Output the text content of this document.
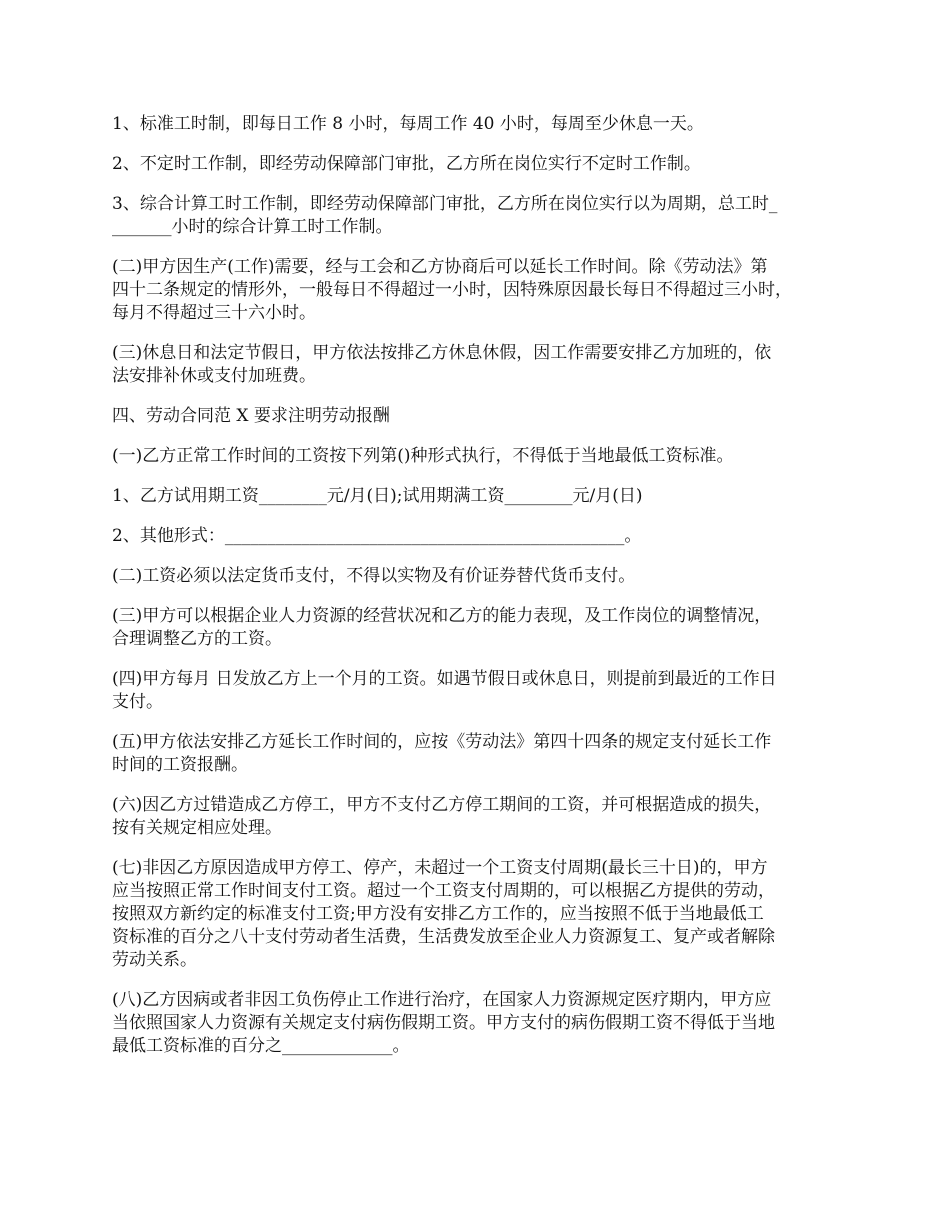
1、标准工时制，即每日工作 8 小时，每周工作 40 小时，每周至少休息一天。

2、不定时工作制，即经劳动保障部门审批，乙方所在岗位实行不定时工作制。

3、综合计算工时工作制，即经劳动保障部门审批，乙方所在岗位实行以为周期，总工时_
_______小时的综合计算工时工作制。

(二)甲方因生产(工作)需要，经与工会和乙方协商后可以延长工作时间。除《劳动法》第
四十二条规定的情形外，一般每日不得超过一小时，因特殊原因最长每日不得超过三小时，
每月不得超过三十六小时。

(三)休息日和法定节假日，甲方依法按排乙方休息休假，因工作需要安排乙方加班的，依
法安排补休或支付加班费。

四、劳动合同范 X 要求注明劳动报酬

(一)乙方正常工作时间的工资按下列第()种形式执行，不得低于当地最低工资标准。

1、乙方试用期工资________元/月(日);试用期满工资________元/月(日)

2、其他形式：_______________________________________________。

(二)工资必须以法定货币支付，不得以实物及有价证券替代货币支付。

(三)甲方可以根据企业人力资源的经营状况和乙方的能力表现，及工作岗位的调整情况，
合理调整乙方的工资。

(四)甲方每月 日发放乙方上一个月的工资。如遇节假日或休息日，则提前到最近的工作日
支付。

(五)甲方依法安排乙方延长工作时间的，应按《劳动法》第四十四条的规定支付延长工作
时间的工资报酬。

(六)因乙方过错造成乙方停工，甲方不支付乙方停工期间的工资，并可根据造成的损失，
按有关规定相应处理。

(七)非因乙方原因造成甲方停工、停产，未超过一个工资支付周期(最长三十日)的，甲方
应当按照正常工作时间支付工资。超过一个工资支付周期的，可以根据乙方提供的劳动，
按照双方新约定的标准支付工资;甲方没有安排乙方工作的，应当按照不低于当地最低工
资标准的百分之八十支付劳动者生活费，生活费发放至企业人力资源复工、复产或者解除
劳动关系。

(八)乙方因病或者非因工负伤停止工作进行治疗，在国家人力资源规定医疗期内，甲方应
当依照国家人力资源有关规定支付病伤假期工资。甲方支付的病伤假期工资不得低于当地
最低工资标准的百分之_____________。
